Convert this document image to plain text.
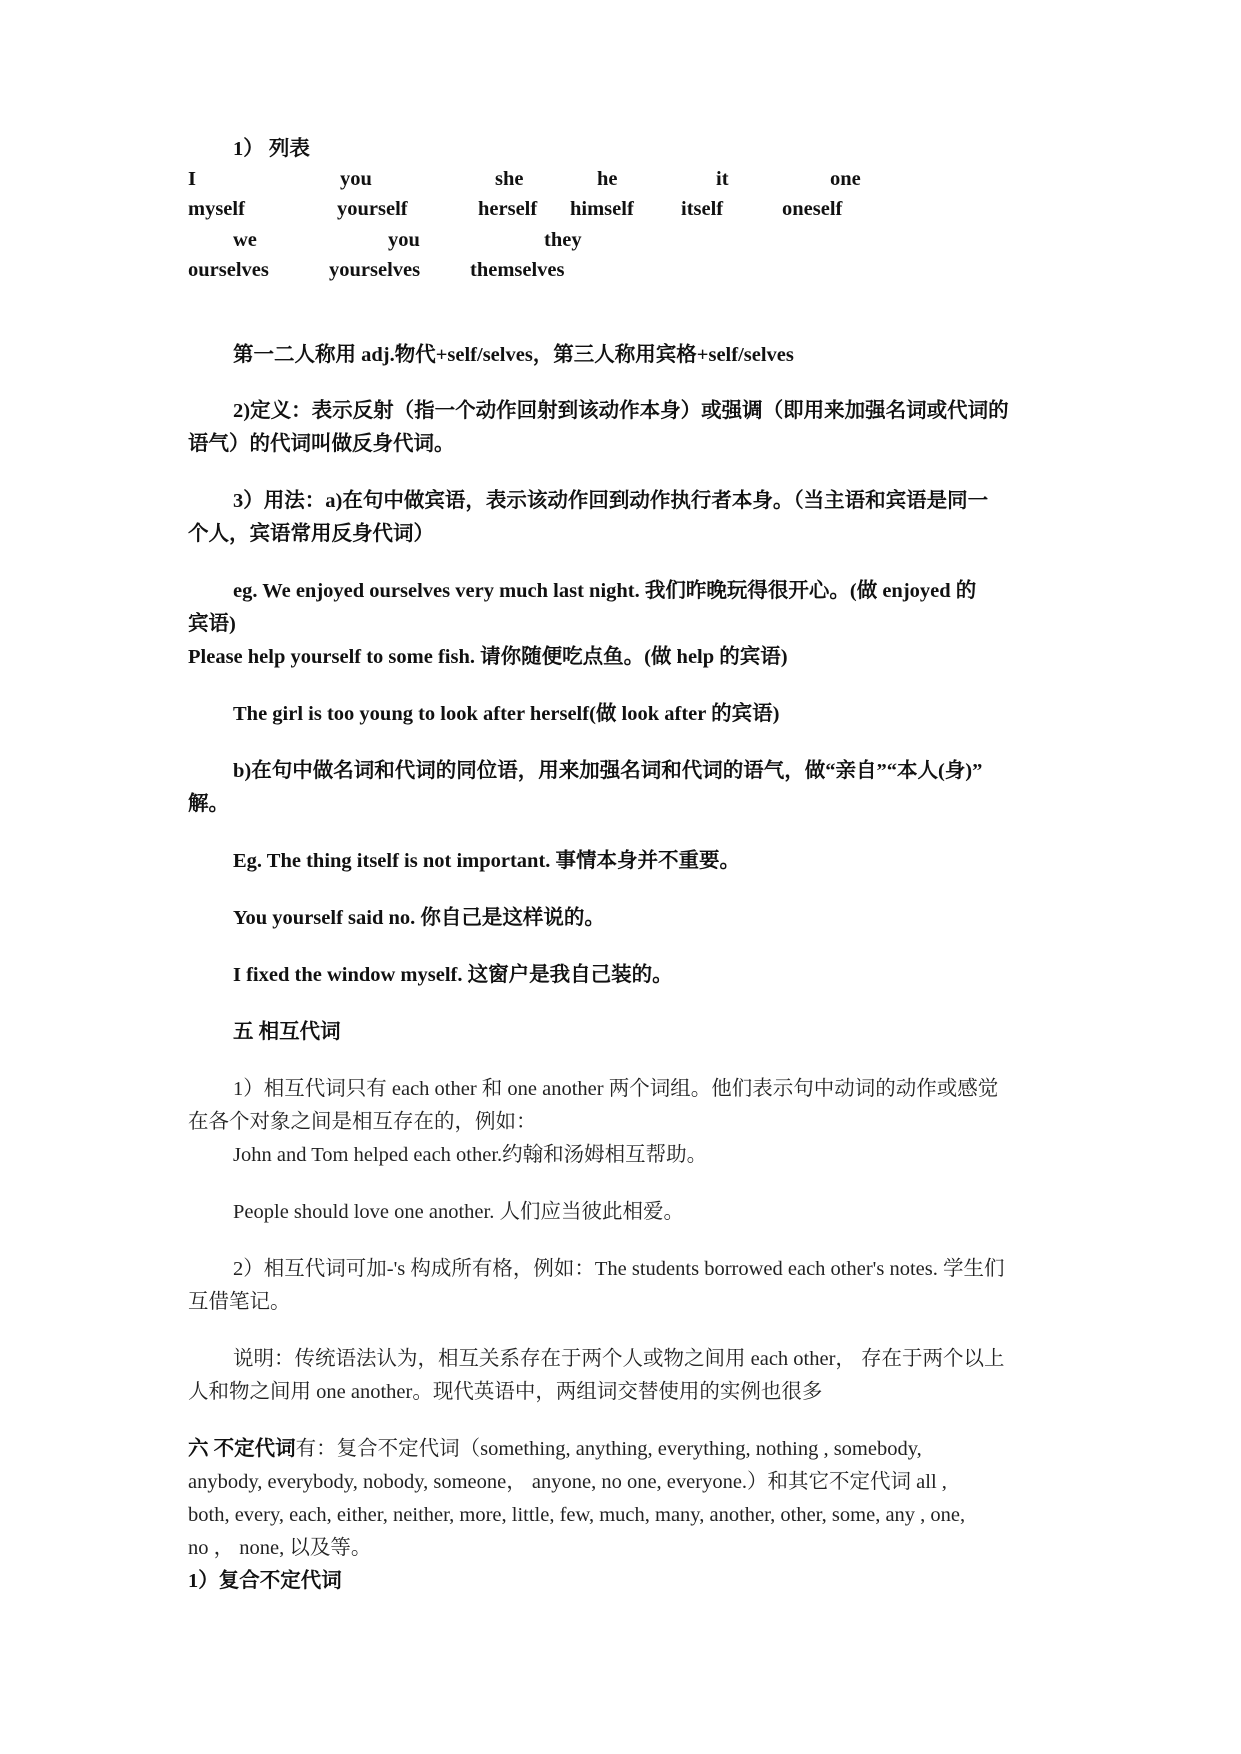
1） 列表
I	you	she	he	it	one
myself	yourself	herself himself itself	oneself
we	you	they
ourselves	yourselves themselves
第一二人称用 adj.物代+self/selves，第三人称用宾格+self/selves
2)定义：表示反射（指一个动作回射到该动作本身）或强调（即用来加强名词或代词的
语气）的代词叫做反身代词。
3）用法：a)在句中做宾语，表示该动作回到动作执行者本身。（当主语和宾语是同一
个人，宾语常用反身代词）
eg. We enjoyed ourselves very much last night. 我们昨晚玩得很开心。(做 enjoyed 的
宾语)
Please help yourself to some fish. 请你随便吃点鱼。(做 help 的宾语)
The girl is too young to look after herself(做 look after 的宾语)
b)在句中做名词和代词的同位语，用来加强名词和代词的语气，做“亲自”“本人(身)”
解。
Eg. The thing itself is not important. 事情本身并不重要。
You yourself said no. 你自己是这样说的。
I fixed the window myself. 这窗户是我自己装的。
五 相互代词
1）相互代词只有 each other 和 one another 两个词组。他们表示句中动词的动作或感觉
在各个对象之间是相互存在的，例如：
John and Tom helped each other.约翰和汤姆相互帮助。
People should love one another. 人们应当彼此相爱。
2）相互代词可加-'s 构成所有格，例如：The students borrowed each other's notes. 学生们
互借笔记。
说明：传统语法认为，相互关系存在于两个人或物之间用 each other， 存在于两个以上
人和物之间用 one another。现代英语中，两组词交替使用的实例也很多
六 不定代词有：复合不定代词（something, anything, everything, nothing , somebody,
anybody, everybody, nobody, someone， anyone, no one, everyone.）和其它不定代词 all ,
both, every, each, either, neither, more, little, few, much, many, another, other, some, any , one,
no ， none, 以及等。
1）复合不定代词
